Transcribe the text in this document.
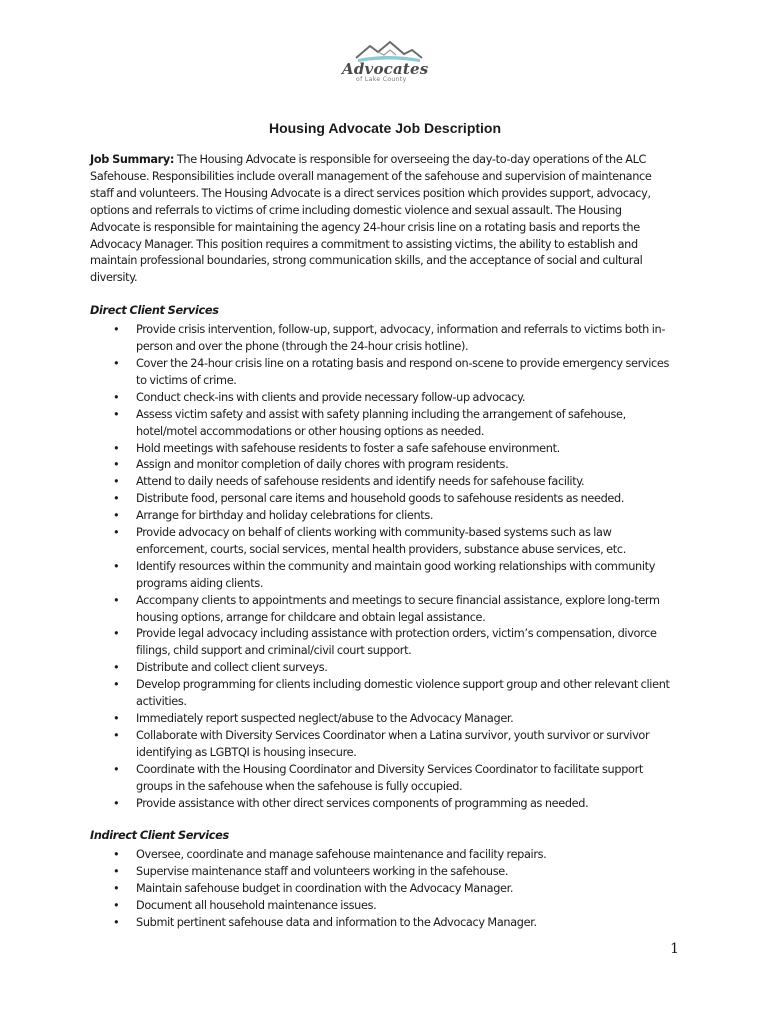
Advocates
of Lake County
Housing Advocate Job Description

Job Summary: The Housing Advocate is responsible for overseeing the day-to-day operations of the ALC Safehouse. Responsibilities include overall management of the safehouse and supervision of maintenance staff and volunteers. The Housing Advocate is a direct services position which provides support, advocacy, options and referrals to victims of crime including domestic violence and sexual assault. The Housing Advocate is responsible for maintaining the agency 24-hour crisis line on a rotating basis and reports the Advocacy Manager. This position requires a commitment to assisting victims, the ability to establish and maintain professional boundaries, strong communication skills, and the acceptance of social and cultural diversity.

Direct Client Services
• Provide crisis intervention, follow-up, support, advocacy, information and referrals to victims both in-person and over the phone (through the 24-hour crisis hotline).
• Cover the 24-hour crisis line on a rotating basis and respond on-scene to provide emergency services to victims of crime.
• Conduct check-ins with clients and provide necessary follow-up advocacy.
• Assess victim safety and assist with safety planning including the arrangement of safehouse, hotel/motel accommodations or other housing options as needed.
• Hold meetings with safehouse residents to foster a safe safehouse environment.
• Assign and monitor completion of daily chores with program residents.
• Attend to daily needs of safehouse residents and identify needs for safehouse facility.
• Distribute food, personal care items and household goods to safehouse residents as needed.
• Arrange for birthday and holiday celebrations for clients.
• Provide advocacy on behalf of clients working with community-based systems such as law enforcement, courts, social services, mental health providers, substance abuse services, etc.
• Identify resources within the community and maintain good working relationships with community programs aiding clients.
• Accompany clients to appointments and meetings to secure financial assistance, explore long-term housing options, arrange for childcare and obtain legal assistance.
• Provide legal advocacy including assistance with protection orders, victim’s compensation, divorce filings, child support and criminal/civil court support.
• Distribute and collect client surveys.
• Develop programming for clients including domestic violence support group and other relevant client activities.
• Immediately report suspected neglect/abuse to the Advocacy Manager.
• Collaborate with Diversity Services Coordinator when a Latina survivor, youth survivor or survivor identifying as LGBTQI is housing insecure.
• Coordinate with the Housing Coordinator and Diversity Services Coordinator to facilitate support groups in the safehouse when the safehouse is fully occupied.
• Provide assistance with other direct services components of programming as needed.
Indirect Client Services
• Oversee, coordinate and manage safehouse maintenance and facility repairs.
• Supervise maintenance staff and volunteers working in the safehouse.
• Maintain safehouse budget in coordination with the Advocacy Manager.
• Document all household maintenance issues.
• Submit pertinent safehouse data and information to the Advocacy Manager.
1
